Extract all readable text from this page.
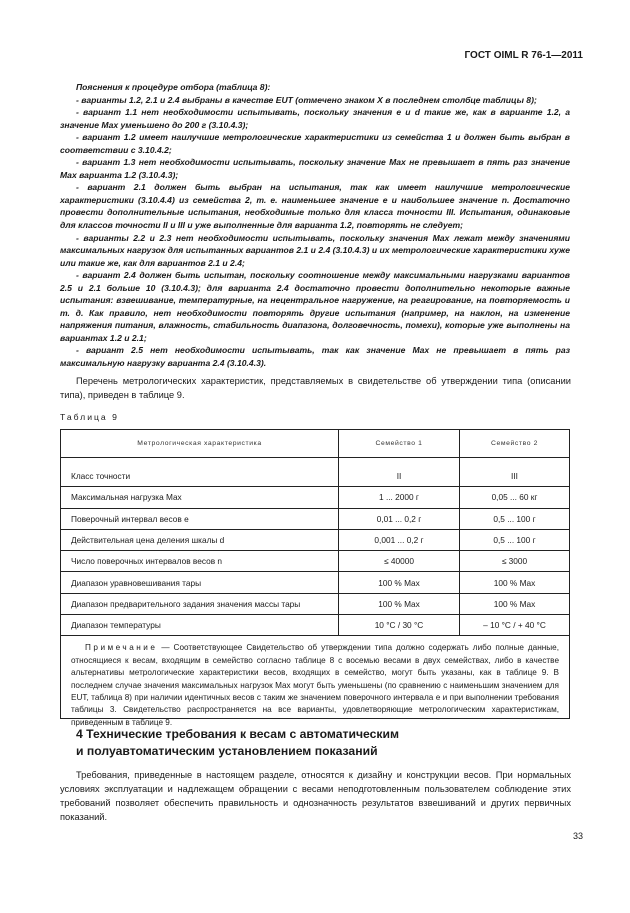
ГОСТ OIML R 76-1—2011

Пояснения к процедуре отбора (таблица 8):

- варианты 1.2, 2.1 и 2.4 выбраны в качестве EUT (отмечено знаком X в последнем столбце таблицы 8);

- вариант 1.1 нет необходимости испытывать, поскольку значения e и d такие же, как в варианте 1.2, а значение Max уменьшено до 200 г (3.10.4.3);

- вариант 1.2 имеет наилучшие метрологические характеристики из семейства 1 и должен быть выбран в соответствии с 3.10.4.2;

- вариант 1.3 нет необходимости испытывать, поскольку значение Max не превышает в пять раз значение Max варианта 1.2 (3.10.4.3);

- вариант 2.1 должен быть выбран на испытания, так как имеет наилучшие метрологические характеристики (3.10.4.4) из семейства 2, т. е. наименьшее значение e и наибольшее значение n. Достаточно провести дополнительные испытания, необходимые только для класса точности III. Испытания, одинаковые для классов точности II и III и уже выполненные для варианта 1.2, повторять не следует;

- варианты 2.2 и 2.3 нет необходимости испытывать, поскольку значения Max лежат между значениями максимальных нагрузок для испытанных вариантов 2.1 и 2.4 (3.10.4.3) и их метрологические характеристики хуже или такие же, как для вариантов 2.1 и 2.4;

- вариант 2.4 должен быть испытан, поскольку соотношение между максимальными нагрузками вариантов 2.5 и 2.1 больше 10 (3.10.4.3); для варианта 2.4 достаточно провести дополнительно некоторые важные испытания: взвешивание, температурные, на нецентральное нагружение, на реагирование, на повторяемость и т. д. Как правило, нет необходимости повторять другие испытания (например, на наклон, на изменение напряжения питания, влажность, стабильность диапазона, долговечность, помехи), которые уже выполнены на вариантах 1.2 и 2.1;

- вариант 2.5 нет необходимости испытывать, так как значение Max не превышает в пять раз максимальную нагрузку варианта 2.4 (3.10.4.3).

Перечень метрологических характеристик, представляемых в свидетельстве об утверждении типа (описании типа), приведен в таблице 9.

Таблица 9
Метрологическая характеристика	Семейство 1	Семейство 2

Класс точности	II	III
Максимальная нагрузка Max	1 ... 2000 г	0,05 ... 60 кг
Поверочный интервал весов e	0,01 ... 0,2 г	0,5 ... 100 г
Действительная цена деления шкалы d	0,001 ... 0,2 г	0,5 ... 100 г
Число поверочных интервалов весов n	≤ 40000	≤ 3000
Диапазон уравновешивания тары	100 % Max	100 % Max
Диапазон предварительного задания значения массы тары	100 % Max	100 % Max
Диапазон температуры	10 °C / 30 °C	– 10 °C / + 40 °C
Примечание — Соответствующее Свидетельство об утверждении типа должно содержать либо полные данные, относящиеся к весам, входящим в семейство согласно таблице 8 с восемью весами в двух семействах, либо в качестве альтернативы метрологические характеристики весов, входящих в семейство, могут быть указаны, как в таблице 9. В последнем случае значения максимальных нагрузок Max могут быть уменьшены (по сравнению с наименьшим значением для EUT, таблица 8) при наличии идентичных весов с таким же значением поверочного интервала e и при выполнении требования таблицы 3. Свидетельство распространяется на все варианты, удовлетворяющие метрологическим характеристикам, приведенным в таблице 9.
4 Технические требования к весам с автоматическим
и полуавтоматическим установлением показаний

Требования, приведенные в настоящем разделе, относятся к дизайну и конструкции весов. При нормальных условиях эксплуатации и надлежащем обращении с весами неподготовленным пользователем соблюдение этих требований позволяет обеспечить правильность и однозначность результатов взвешиваний и других первичных показаний.

33
